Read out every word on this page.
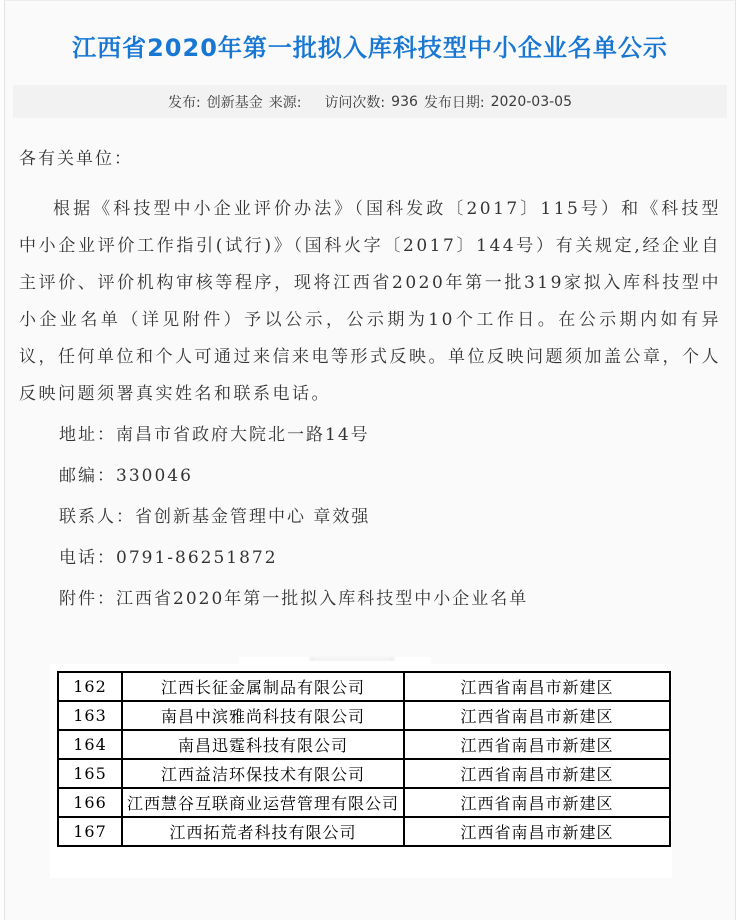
江西省2020年第一批拟入库科技型中小企业名单公示
发布: 创新基金 来源: 访问次数: 936 发布日期: 2020-03-05

各有关单位：

根据《科技型中小企业评价办法》（国科发政〔2017〕115号）和《科技型中小企业评价工作指引(试行)》（国科火字〔2017〕144号）有关规定,经企业自主评价、评价机构审核等程序，现将江西省2020年第一批319家拟入库科技型中小企业名单（详见附件）予以公示，公示期为10个工作日。在公示期内如有异议，任何单位和个人可通过来信来电等形式反映。单位反映问题须加盖公章，个人反映问题须署真实姓名和联系电话。

地址：南昌市省政府大院北一路14号

邮编：330046

联系人：省创新基金管理中心 章效强

电话：0791-86251872

附件：江西省2020年第一批拟入库科技型中小企业名单

162	江西长征金属制品有限公司	江西省南昌市新建区
163	南昌中滨雅尚科技有限公司	江西省南昌市新建区
164	南昌迅霆科技有限公司	江西省南昌市新建区
165	江西益洁环保技术有限公司	江西省南昌市新建区
166	江西慧谷互联商业运营管理有限公司	江西省南昌市新建区
167	江西拓荒者科技有限公司	江西省南昌市新建区
